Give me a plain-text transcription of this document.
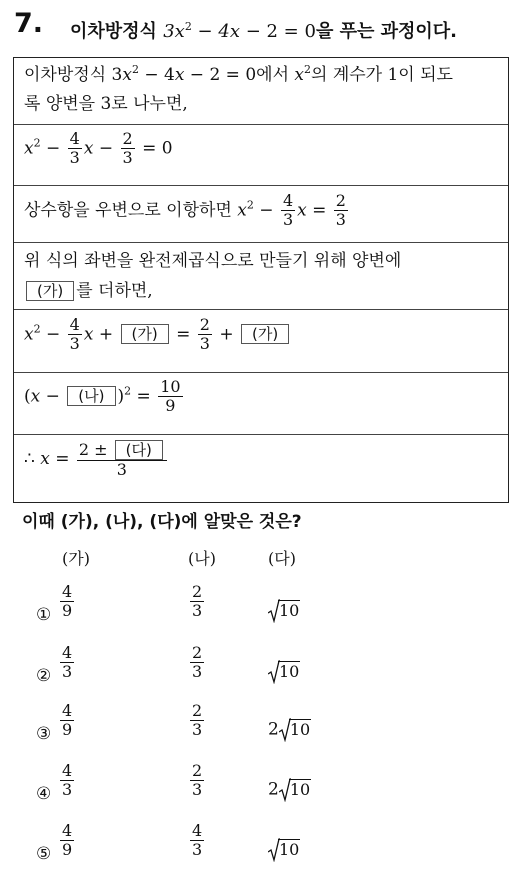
7. 이차방정식 $3x^2 - 4x - 2 = 0$을 푸는 과정이다.
이차방정식 $3x^2 - 4x - 2 = 0$에서 $x^2$의 계수가 1이 되도
록 양변을 3로 나누면,
$x^2 - \frac{4}{3}$ $x - \frac{2}{3} = 0$
상수항을 우변으로 이항하면 $x^2 - \frac{4}{3}$ $x = \frac{2}{3}$
위 식의 좌변을 완전제곱식으로 만들기 위해 양변에
(가) 를 더하면,
$x^2 - \frac{4}{3}$ x + (가) = $\frac{2}{3}$ + (가)
(x − (나) )$^2 = \frac{10}{9}$
∴ $x = \frac{\text{2 ± (다)}}{3}$
이때 (가), (나), (다)에 알맞은 것은?
(가)	(나)	(다)
① $\frac{4}{9}$	$\frac{2}{3}$	10
② $\frac{4}{3}$	$\frac{2}{3}$	10
③ $\frac{4}{9}$	$\frac{2}{3}$	2 10
④ $\frac{4}{3}$	$\frac{2}{3}$	2 10
⑤ $\frac{4}{9}$	$\frac{4}{3}$	10
